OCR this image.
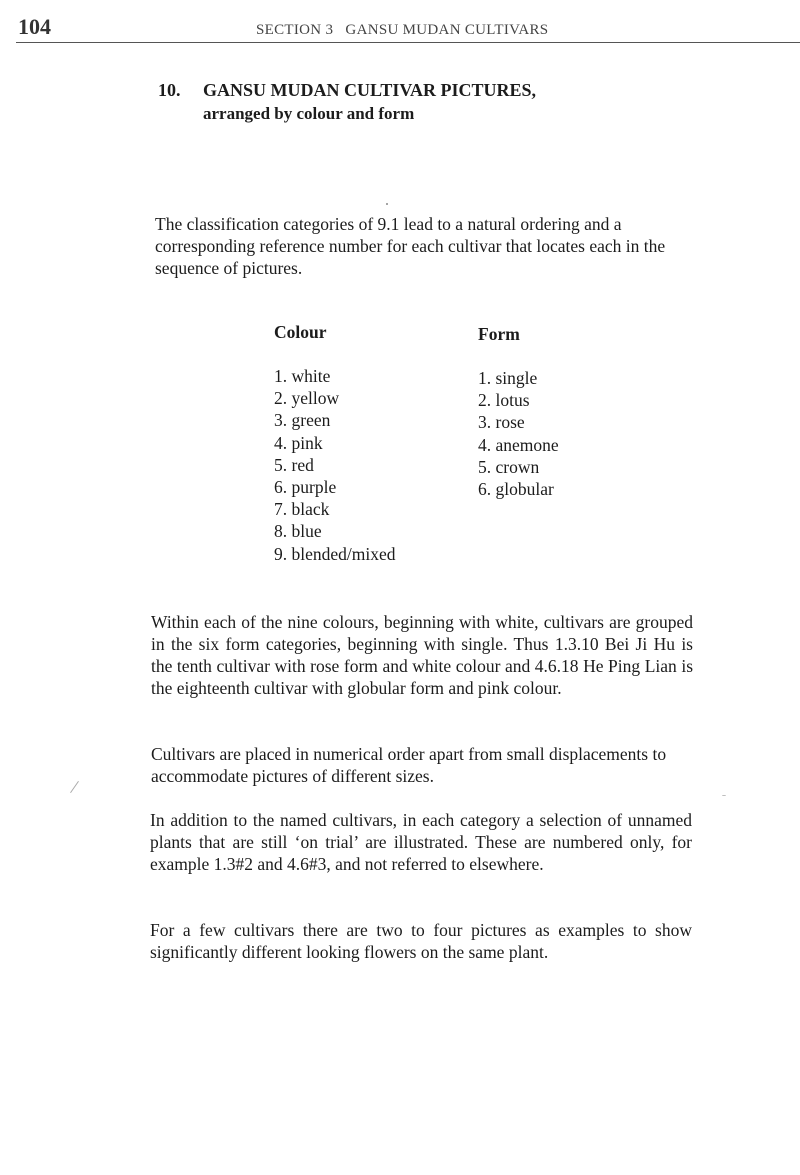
104	SECTION 3   GANSU MUDAN CULTIVARS
10. GANSU MUDAN CULTIVAR PICTURES,
arranged by colour and form

The classification categories of 9.1 lead to a natural ordering and a corresponding reference number for each cultivar that locates each in the sequence of pictures.

Colour
1. white
2. yellow
3. green
4. pink
5. red
6. purple
7. black
8. blue
9. blended/mixed
Form
1. single
2. lotus
3. rose
4. anemone
5. crown
6. globular

Within each of the nine colours, beginning with white, cultivars are grouped in the six form categories, beginning with single. Thus 1.3.10 Bei Ji Hu is the tenth cultivar with rose form and white colour and 4.6.18 He Ping Lian is the eighteenth cultivar with globular form and pink colour.

Cultivars are placed in numerical order apart from small displacements to accommodate pictures of different sizes.

In addition to the named cultivars, in each category a selection of unnamed plants that are still ‘on trial’ are illustrated. These are numbered only, for example 1.3#2 and 4.6#3, and not referred to elsewhere.

For a few cultivars there are two to four pictures as examples to show significantly different looking flowers on the same plant.
